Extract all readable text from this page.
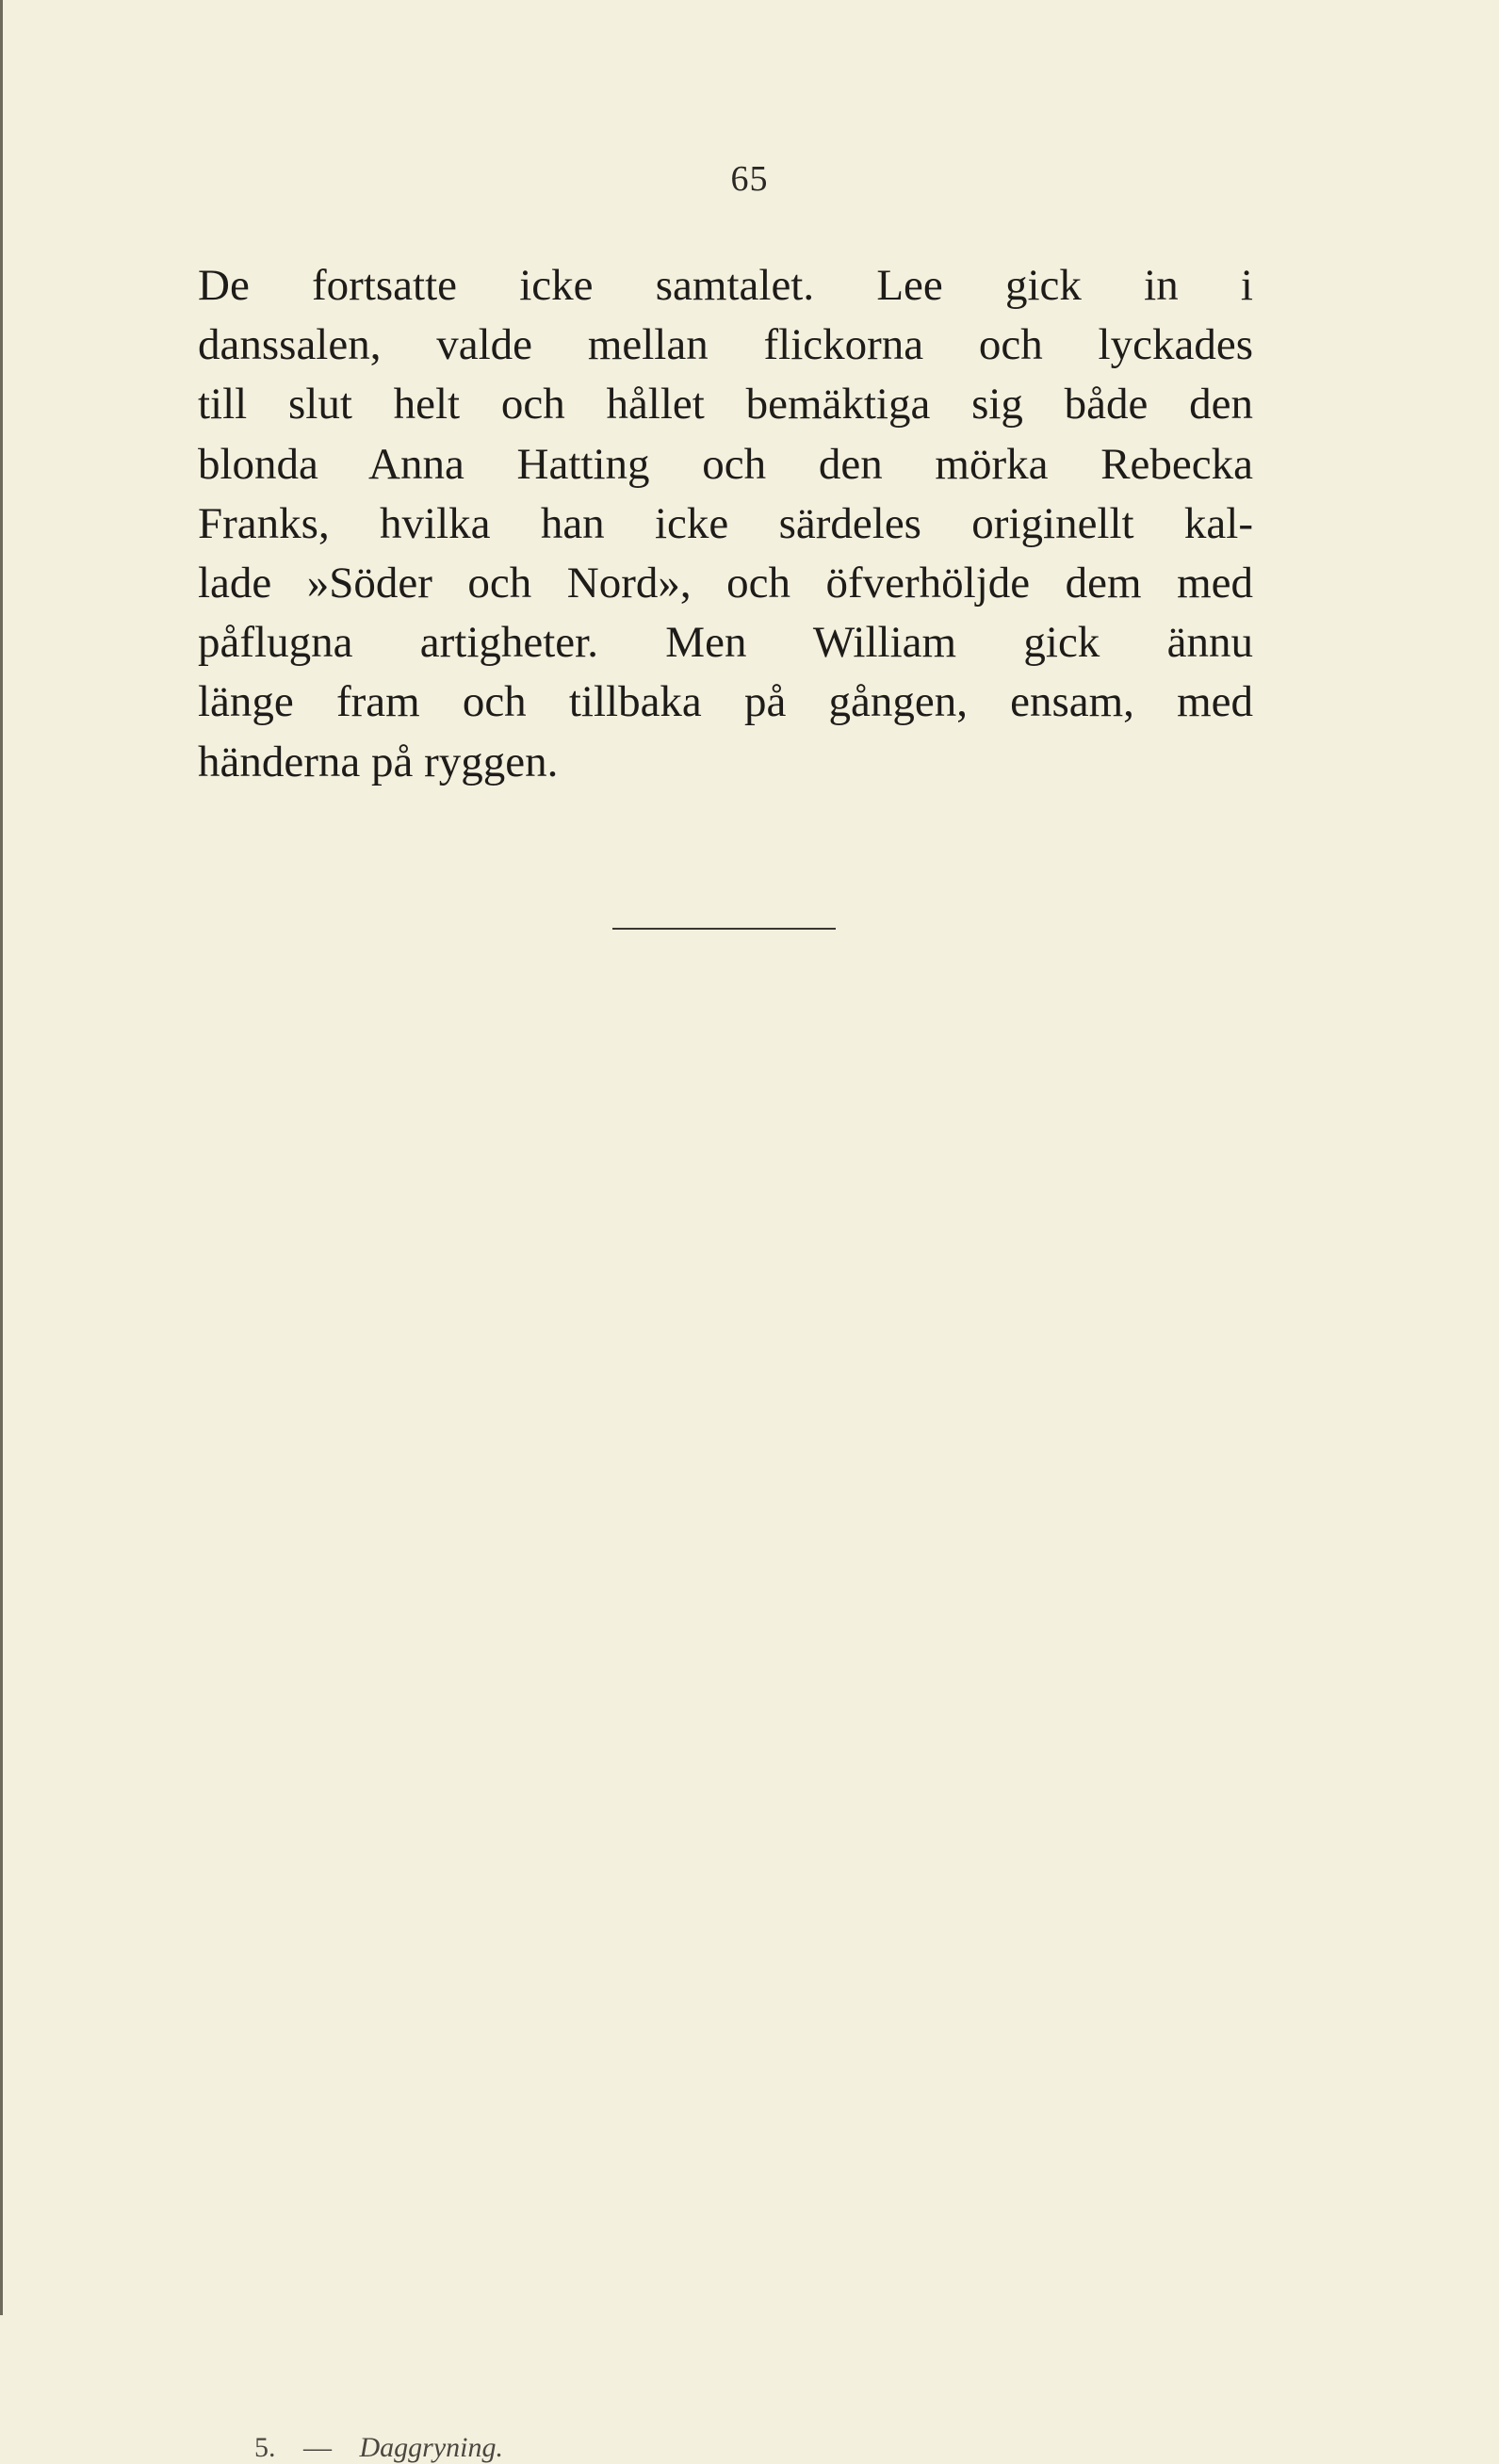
65
De fortsatte icke samtalet. Lee gick in i
danssalen, valde mellan flickorna och lyckades
till slut helt och hållet bemäktiga sig både den
blonda Anna Hatting och den mörka Rebecka
Franks, hvilka han icke särdeles originellt kal-
lade »Söder och Nord», och öfverhöljde dem med
påflugna artigheter. Men William gick ännu
länge fram och tillbaka på gången, ensam, med
händerna på ryggen.
5. — Daggryning.
